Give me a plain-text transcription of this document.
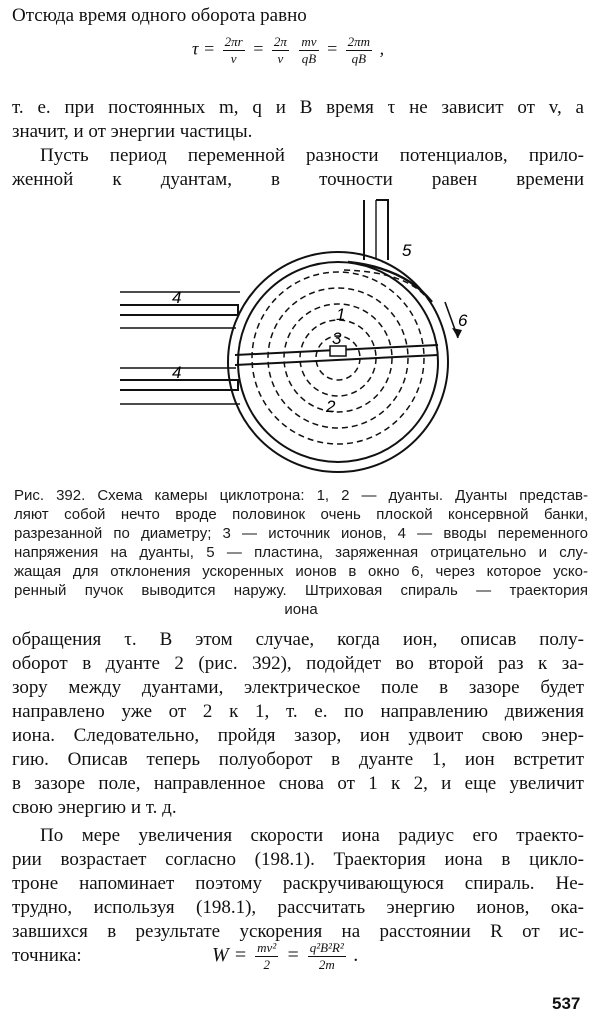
Отсюда время одного оборота равно
$\tau = \frac{2\pi r}{v} = \frac{2\pi}{v}$
$\frac{mv}{qB} = \frac{2\pi m}{qB}$ ,
т. е. при постоянных m, q и B время τ не зависит от v, а
значит, и от энергии частицы.
Пусть период переменной разности потенциалов, прило-
женной к дуантам, в точности равен времени
1
2
3
4
4
5
6
Рис. 392. Схема камеры циклотрона: 1, 2 — дуанты. Дуанты представ-
ляют собой нечто вроде половинок очень плоской консервной банки,
разрезанной по диаметру; 3 — источник ионов, 4 — вводы переменного
напряжения на дуанты, 5 — пластина, заряженная отрицательно и слу-
жащая для отклонения ускоренных ионов в окно 6, через которое уско-
ренный пучок выводится наружу. Штриховая спираль — траектория
иона
обращения τ. В этом случае, когда ион, описав полу-
оборот в дуанте 2 (рис. 392), подойдет во второй раз к за-
зору между дуантами, электрическое поле в зазоре будет
направлено уже от 2 к 1, т. е. по направлению движения
иона. Следовательно, пройдя зазор, ион удвоит свою энер-
гию. Описав теперь полуоборот в дуанте 1, ион встретит
в зазоре поле, направленное снова от 1 к 2, и еще увеличит
свою энергию и т. д.
По мере увеличения скорости иона радиус его траекто-
рии возрастает согласно (198.1). Траектория иона в цикло-
троне напоминает поэтому раскручивающуюся спираль. Не-
трудно, используя (198.1), рассчитать энергию ионов, ока-
завшихся в результате ускорения на расстоянии R от ис-
точника:	$W = \frac{\text{mv²}}{2} = \frac{\text{q²B²R²}}{2m}$ .
537
